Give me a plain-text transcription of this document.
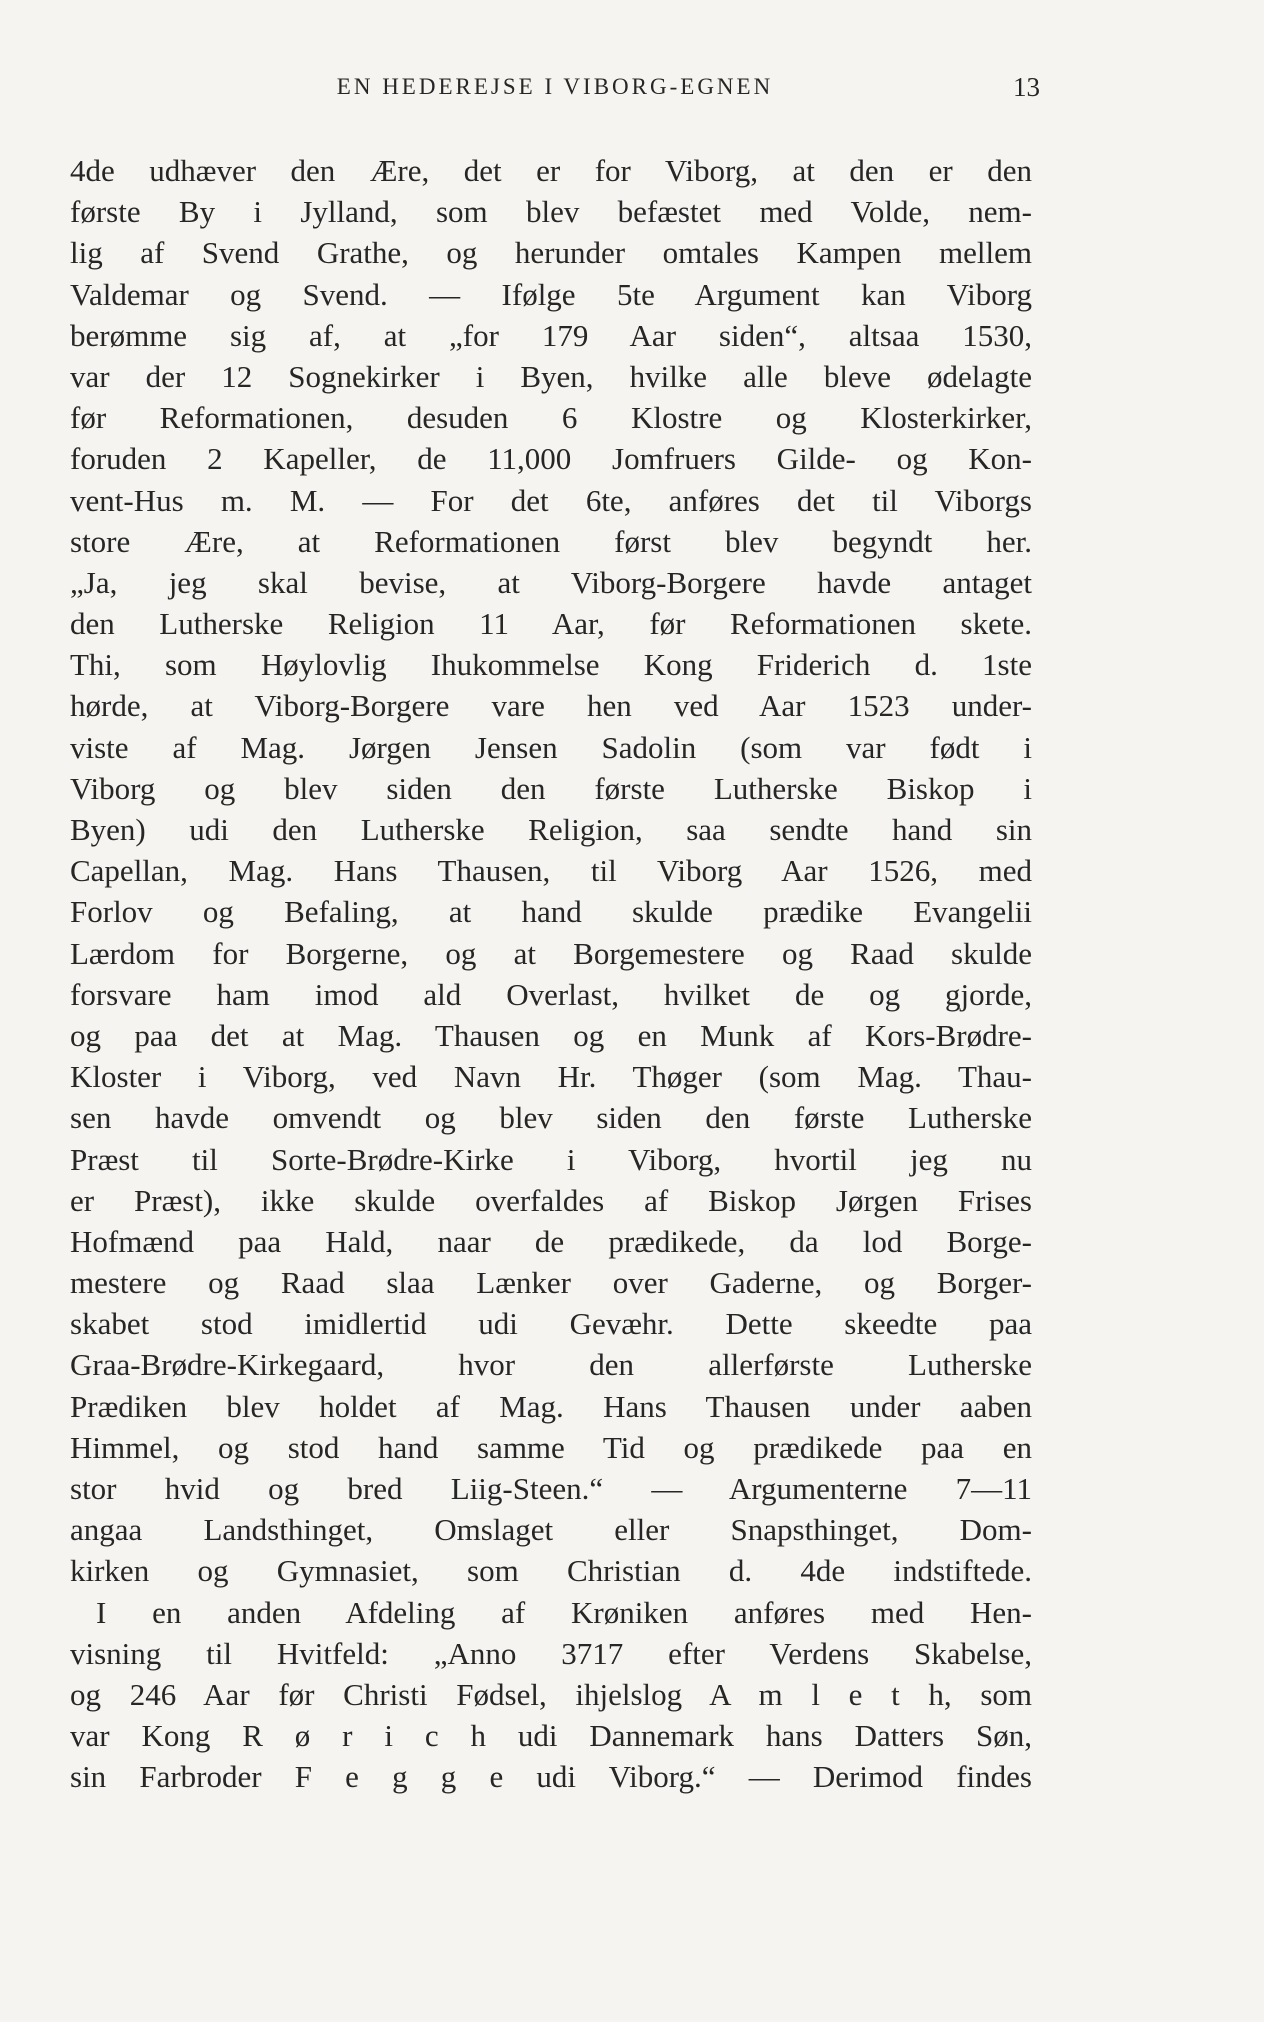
EN HEDEREJSE I VIBORG-EGNEN	13
4de udhæver den Ære, det er for Viborg, at den er den
første By i Jylland, som blev befæstet med Volde, nem-
lig af Svend Grathe, og herunder omtales Kampen mellem
Valdemar og Svend. — Ifølge 5te Argument kan Viborg
berømme sig af, at „for 179 Aar siden“, altsaa 1530,
var der 12 Sognekirker i Byen, hvilke alle bleve ødelagte
før Reformationen, desuden 6 Klostre og Klosterkirker,
foruden 2 Kapeller, de 11,000 Jomfruers Gilde- og Kon-
vent-Hus m. M. — For det 6te, anføres det til Viborgs
store Ære, at Reformationen først blev begyndt her.
„Ja, jeg skal bevise, at Viborg-Borgere havde antaget
den Lutherske Religion 11 Aar, før Reformationen skete.
Thi, som Høylovlig Ihukommelse Kong Friderich d. 1ste
hørde, at Viborg-Borgere vare hen ved Aar 1523 under-
viste af Mag. Jørgen Jensen Sadolin (som var født i
Viborg og blev siden den første Lutherske Biskop i
Byen) udi den Lutherske Religion, saa sendte hand sin
Capellan, Mag. Hans Thausen, til Viborg Aar 1526, med
Forlov og Befaling, at hand skulde prædike Evangelii
Lærdom for Borgerne, og at Borgemestere og Raad skulde
forsvare ham imod ald Overlast, hvilket de og gjorde,
og paa det at Mag. Thausen og en Munk af Kors-Brødre-
Kloster i Viborg, ved Navn Hr. Thøger (som Mag. Thau-
sen havde omvendt og blev siden den første Lutherske
Præst til Sorte-Brødre-Kirke i Viborg, hvortil jeg nu
er Præst), ikke skulde overfaldes af Biskop Jørgen Frises
Hofmænd paa Hald, naar de prædikede, da lod Borge-
mestere og Raad slaa Lænker over Gaderne, og Borger-
skabet stod imidlertid udi Gevæhr. Dette skeedte paa
Graa-Brødre-Kirkegaard, hvor den allerførste Lutherske
Prædiken blev holdet af Mag. Hans Thausen under aaben
Himmel, og stod hand samme Tid og prædikede paa en
stor hvid og bred Liig-Steen.“ — Argumenterne 7—11
angaa Landsthinget, Omslaget eller Snapsthinget, Dom-
kirken og Gymnasiet, som Christian d. 4de indstiftede.
I en anden Afdeling af Krøniken anføres med Hen-
visning til Hvitfeld: „Anno 3717 efter Verdens Skabelse,
og 246 Aar før Christi Fødsel, ihjelslog A m l e t h, som
var Kong R ø r i c h udi Dannemark hans Datters Søn,
sin Farbroder F e g g e udi Viborg.“ — Derimod findes
